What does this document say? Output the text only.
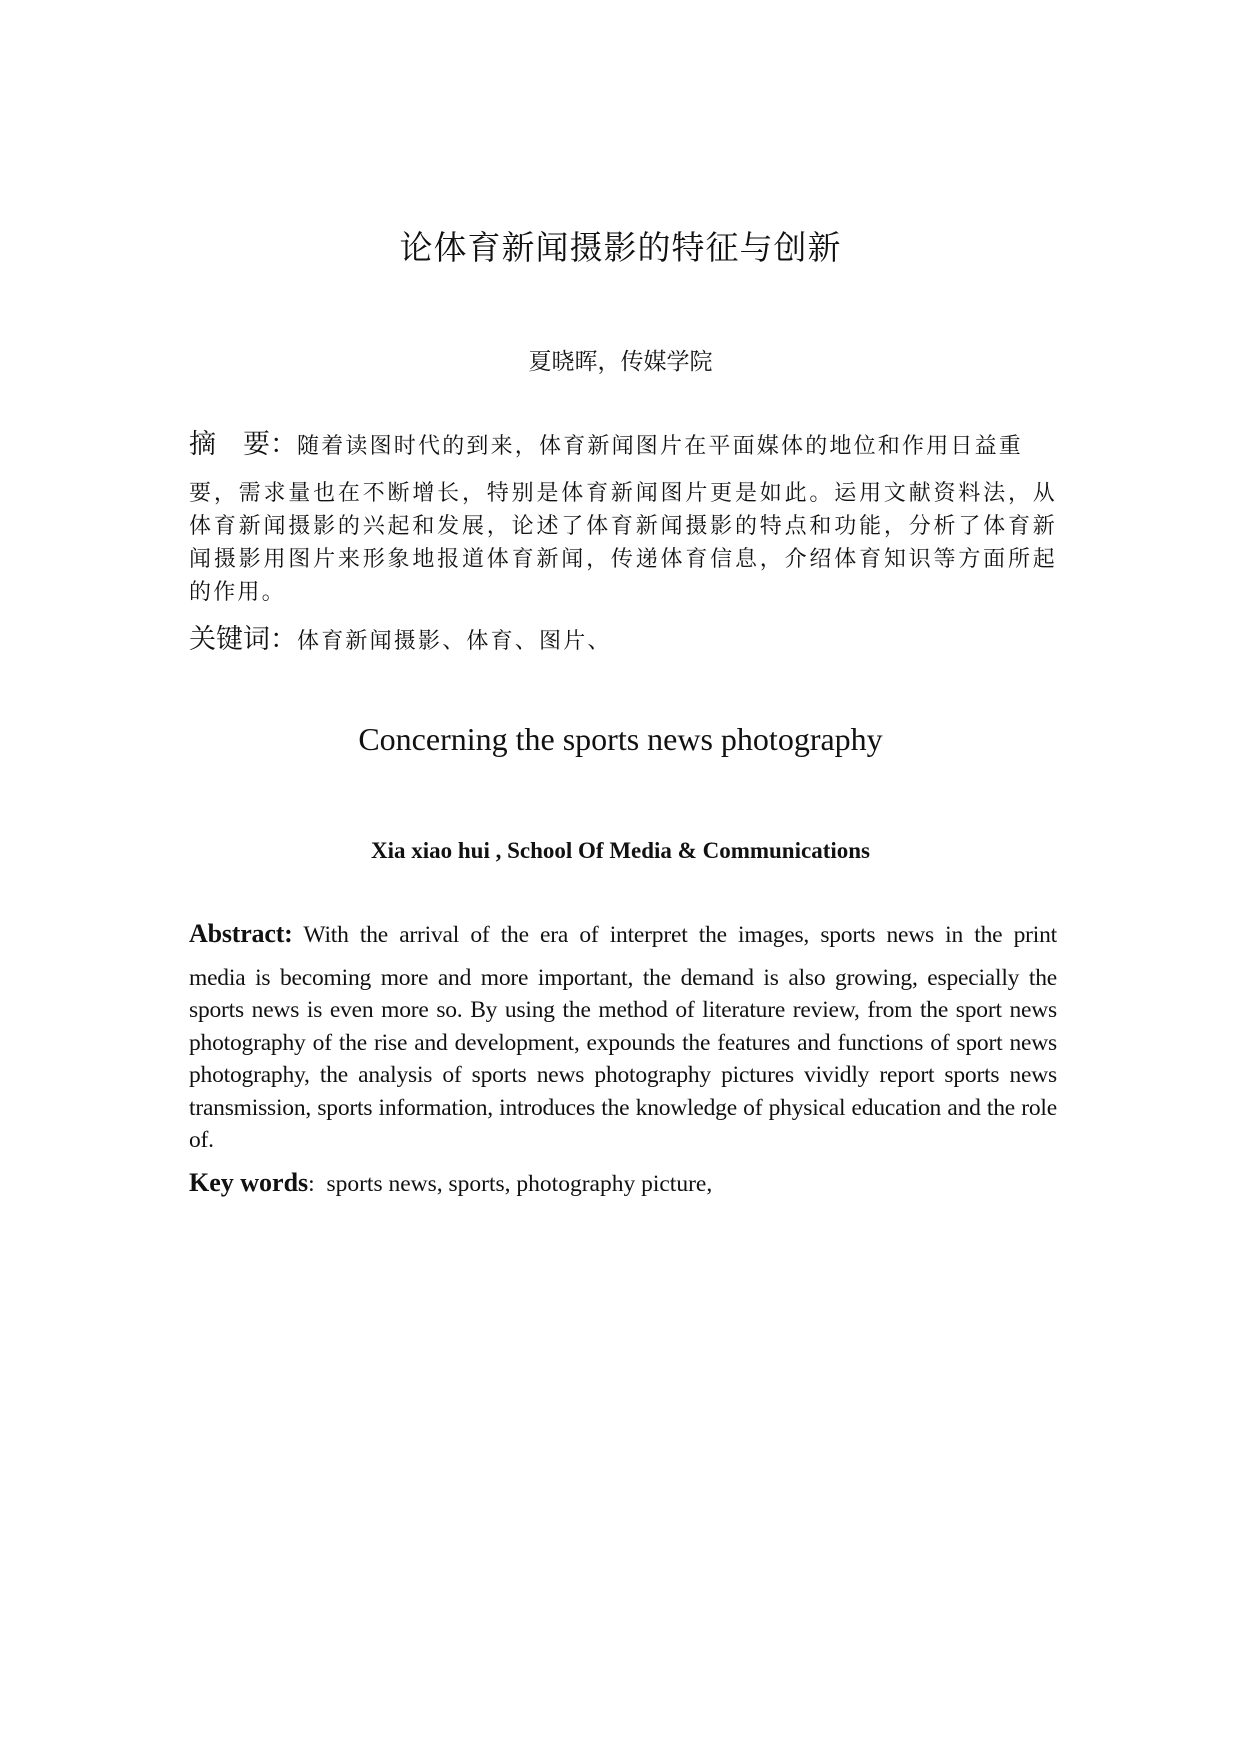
论体育新闻摄影的特征与创新
夏晓晖，传媒学院
摘　要：随着读图时代的到来，体育新闻图片在平面媒体的地位和作用日益重
要，需求量也在不断增长，特别是体育新闻图片更是如此。运用文献资料法，从体育新闻摄影的兴起和发展，论述了体育新闻摄影的特点和功能，分析了体育新闻摄影用图片来形象地报道体育新闻，传递体育信息，介绍体育知识等方面所起的作用。
关键词：体育新闻摄影、体育、图片、
Concerning the sports news photography
Xia xiao hui , School Of Media & Communications
Abstract: With the arrival of the era of interpret the images, sports news in the print
media is becoming more and more important, the demand is also growing, especially the sports news is even more so. By using the method of literature review, from the sport news photography of the rise and development, expounds the features and functions of sport news photography, the analysis of sports news photography pictures vividly report sports news transmission, sports information, introduces the knowledge of physical education and the role of.
Key words: sports news, sports, photography picture,
